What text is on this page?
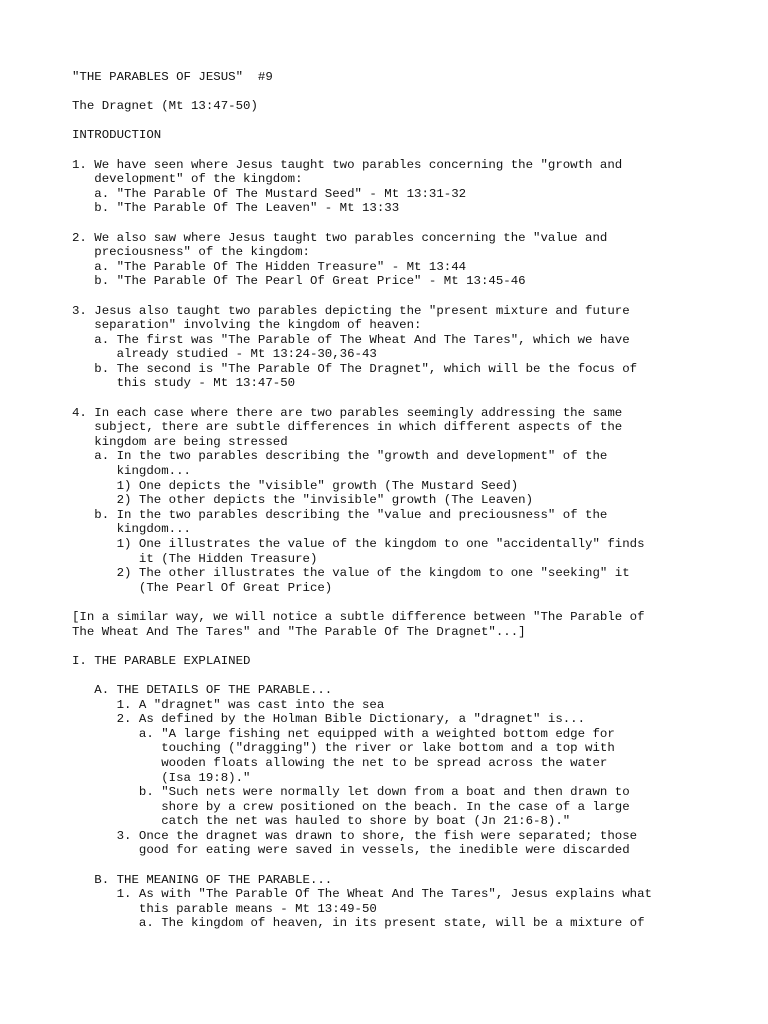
"THE PARABLES OF JESUS"  #9
The Dragnet (Mt 13:47-50)
INTRODUCTION
1. We have seen where Jesus taught two parables concerning the "growth and
development" of the kingdom:
a. "The Parable Of The Mustard Seed" - Mt 13:31-32
b. "The Parable Of The Leaven" - Mt 13:33
2. We also saw where Jesus taught two parables concerning the "value and
preciousness" of the kingdom:
a. "The Parable Of The Hidden Treasure" - Mt 13:44
b. "The Parable Of The Pearl Of Great Price" - Mt 13:45-46
3. Jesus also taught two parables depicting the "present mixture and future
separation" involving the kingdom of heaven:
a. The first was "The Parable of The Wheat And The Tares", which we have
already studied - Mt 13:24-30,36-43
b. The second is "The Parable Of The Dragnet", which will be the focus of
this study - Mt 13:47-50
4. In each case where there are two parables seemingly addressing the same
subject, there are subtle differences in which different aspects of the
kingdom are being stressed
a. In the two parables describing the "growth and development" of the
kingdom...
1) One depicts the "visible" growth (The Mustard Seed)
2) The other depicts the "invisible" growth (The Leaven)
b. In the two parables describing the "value and preciousness" of the
kingdom...
1) One illustrates the value of the kingdom to one "accidentally" finds
it (The Hidden Treasure)
2) The other illustrates the value of the kingdom to one "seeking" it
(The Pearl Of Great Price)
[In a similar way, we will notice a subtle difference between "The Parable of
The Wheat And The Tares" and "The Parable Of The Dragnet"...]
I. THE PARABLE EXPLAINED
A. THE DETAILS OF THE PARABLE...
1. A "dragnet" was cast into the sea
2. As defined by the Holman Bible Dictionary, a "dragnet" is...
a. "A large fishing net equipped with a weighted bottom edge for
touching ("dragging") the river or lake bottom and a top with
wooden floats allowing the net to be spread across the water
(Isa 19:8)."
b. "Such nets were normally let down from a boat and then drawn to
shore by a crew positioned on the beach. In the case of a large
catch the net was hauled to shore by boat (Jn 21:6-8)."
3. Once the dragnet was drawn to shore, the fish were separated; those
good for eating were saved in vessels, the inedible were discarded
B. THE MEANING OF THE PARABLE...
1. As with "The Parable Of The Wheat And The Tares", Jesus explains what
this parable means - Mt 13:49-50
a. The kingdom of heaven, in its present state, will be a mixture of
